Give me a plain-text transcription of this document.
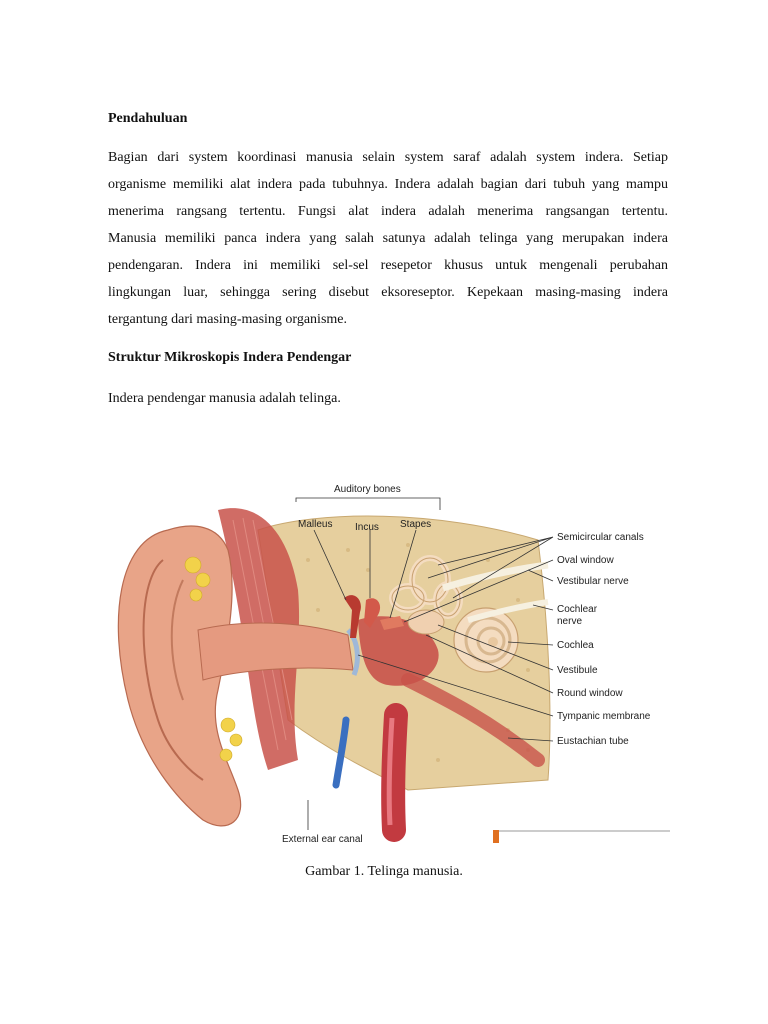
Pendahuluan

Bagian dari system koordinasi manusia selain system saraf adalah system indera. Setiap
organisme memiliki alat indera pada tubuhnya. Indera adalah bagian dari tubuh yang mampu
menerima rangsang tertentu. Fungsi alat indera adalah menerima rangsangan tertentu.
Manusia memiliki panca indera yang salah satunya adalah telinga yang merupakan indera
pendengaran. Indera ini memiliki sel-sel resepetor khusus untuk mengenali perubahan
lingkungan luar, sehingga sering disebut eksoreseptor. Kepekaan masing-masing indera
tergantung dari masing-masing organisme.

Struktur Mikroskopis Indera Pendengar

Indera pendengar manusia adalah telinga.
Auditory bones
Malleus Incus Stapes
Semicircular canals
Oval window
Vestibular nerve
Cochlear
nerve
Cochlea
Vestibule
Round window
Tympanic membrane
Eustachian tube
External ear canal
Gambar 1. Telinga manusia.
